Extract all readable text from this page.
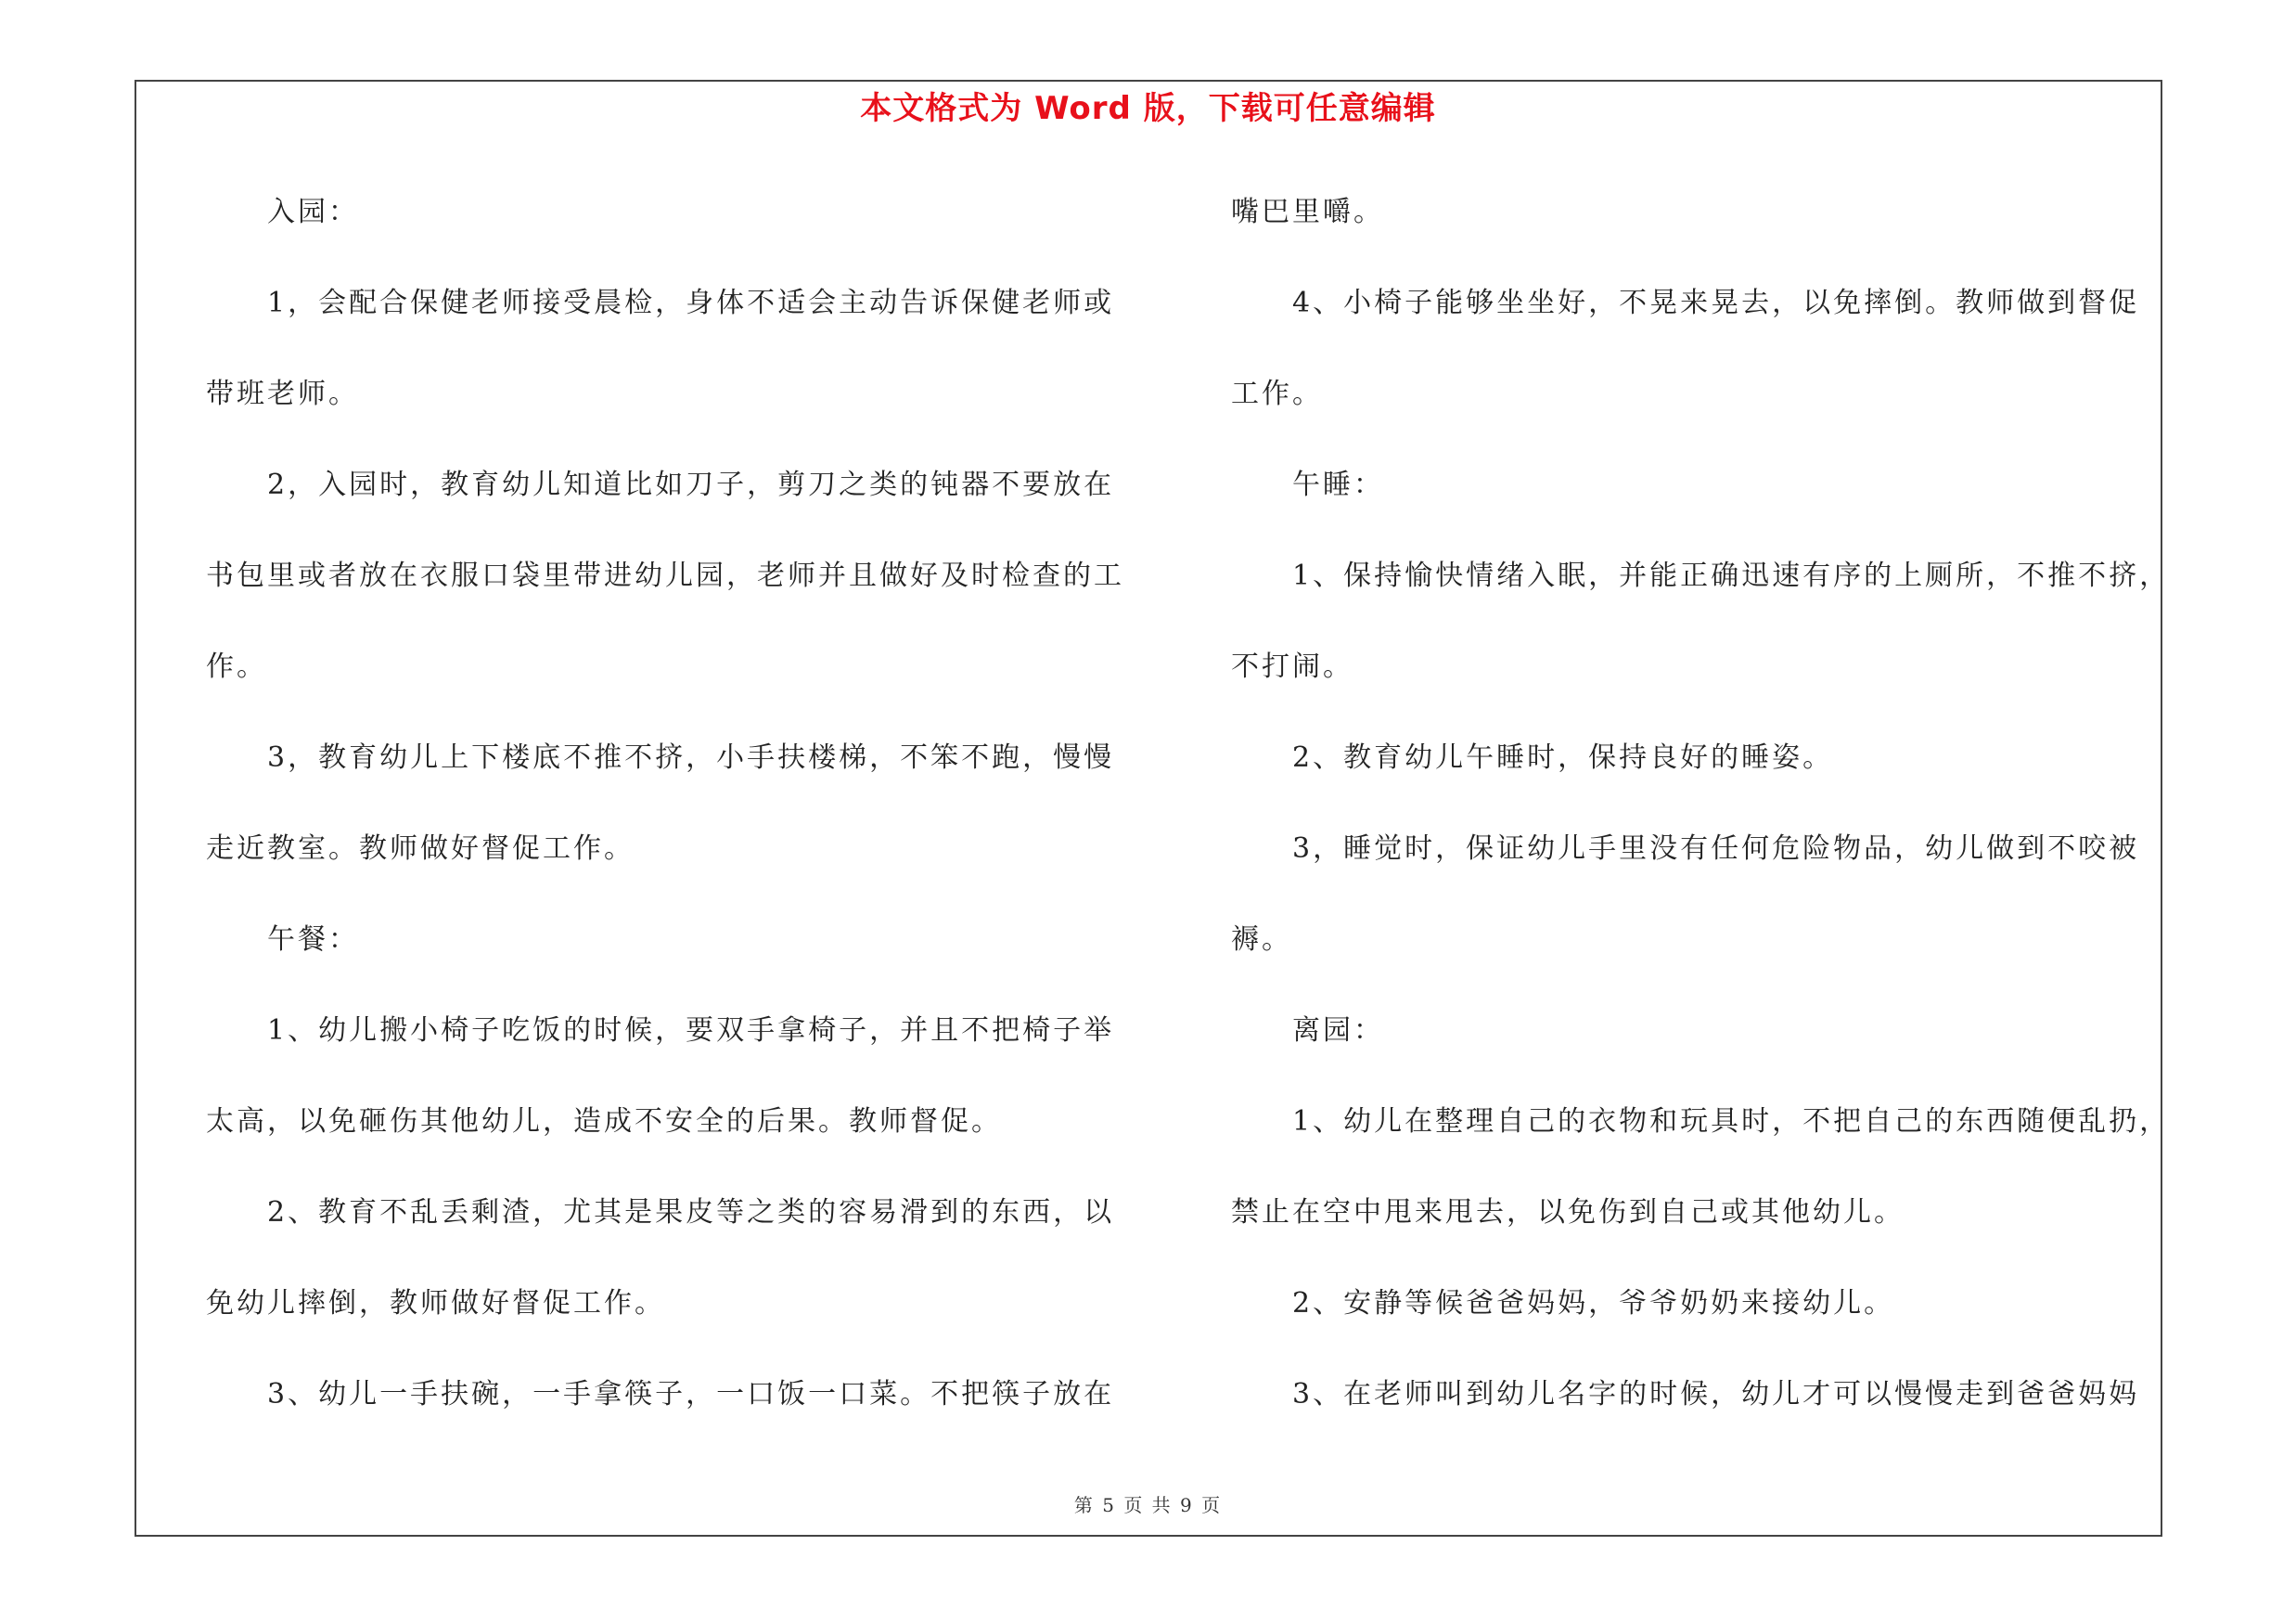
本文格式为 Word 版，下载可任意编辑
入园：
1，会配合保健老师接受晨检，身体不适会主动告诉保健老师或
带班老师。
2，入园时，教育幼儿知道比如刀子，剪刀之类的钝器不要放在
书包里或者放在衣服口袋里带进幼儿园，老师并且做好及时检查的工
作。
3，教育幼儿上下楼底不推不挤，小手扶楼梯，不笨不跑，慢慢
走近教室。教师做好督促工作。
午餐：
1、幼儿搬小椅子吃饭的时候，要双手拿椅子，并且不把椅子举
太高，以免砸伤其他幼儿，造成不安全的后果。教师督促。
2、教育不乱丢剩渣，尤其是果皮等之类的容易滑到的东西，以
免幼儿摔倒，教师做好督促工作。
3、幼儿一手扶碗，一手拿筷子，一口饭一口菜。不把筷子放在
嘴巴里嚼。
4、小椅子能够坐坐好，不晃来晃去，以免摔倒。教师做到督促
工作。
午睡：
1、保持愉快情绪入眠，并能正确迅速有序的上厕所，不推不挤，
不打闹。
2、教育幼儿午睡时，保持良好的睡姿。
3，睡觉时，保证幼儿手里没有任何危险物品，幼儿做到不咬被
褥。
离园：
1、幼儿在整理自己的衣物和玩具时，不把自己的东西随便乱扔，
禁止在空中甩来甩去，以免伤到自己或其他幼儿。
2、安静等候爸爸妈妈，爷爷奶奶来接幼儿。
3、在老师叫到幼儿名字的时候，幼儿才可以慢慢走到爸爸妈妈
第 5 页 共 9 页
